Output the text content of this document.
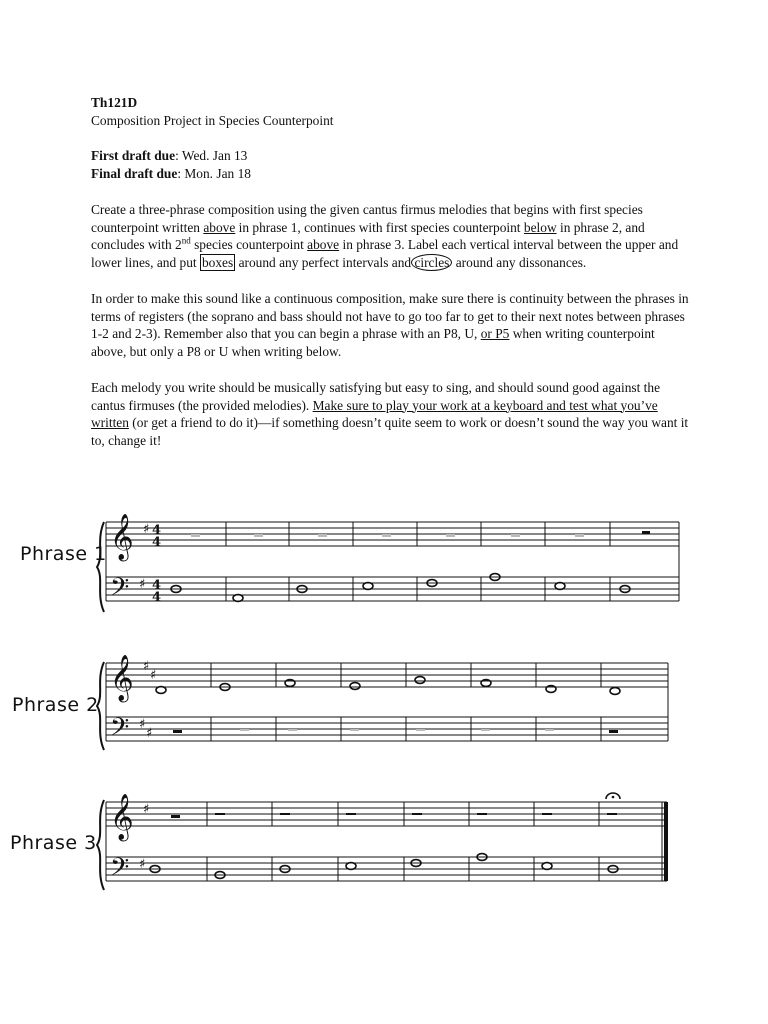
Th121D
Composition Project in Species Counterpoint
First draft due: Wed. Jan 13
Final draft due: Mon. Jan 18

Create a three-phrase composition using the given cantus firmus melodies that begins with first species counterpoint written above in phrase 1, continues with first species counterpoint below in phrase 2, and concludes with 2nd species counterpoint above in phrase 3. Label each vertical interval between the upper and lower lines, and put boxes around any perfect intervals and circles around any dissonances.

In order to make this sound like a continuous composition, make sure there is continuity between the phrases in terms of registers (the soprano and bass should not have to go too far to get to their next notes between phrases 1-2 and 2-3). Remember also that you can begin a phrase with an P8, U, or P5 when writing counterpoint above, but only a P8 or U when writing below.

Each melody you write should be musically satisfying but easy to sing, and should sound good against the cantus firmuses (the provided melodies). Make sure to play your work at a keyboard and test what you’ve written (or get a friend to do it)—if something doesn’t quite seem to work or doesn’t sound the way you want it to, change it!

Phrase 1
Phrase 2
Phrase 3
𝄞
𝄢
♯
♯
4
4
4
4
𝄞
𝄢
♯
♯
♯
♯
𝄞
𝄢
♯
♯
